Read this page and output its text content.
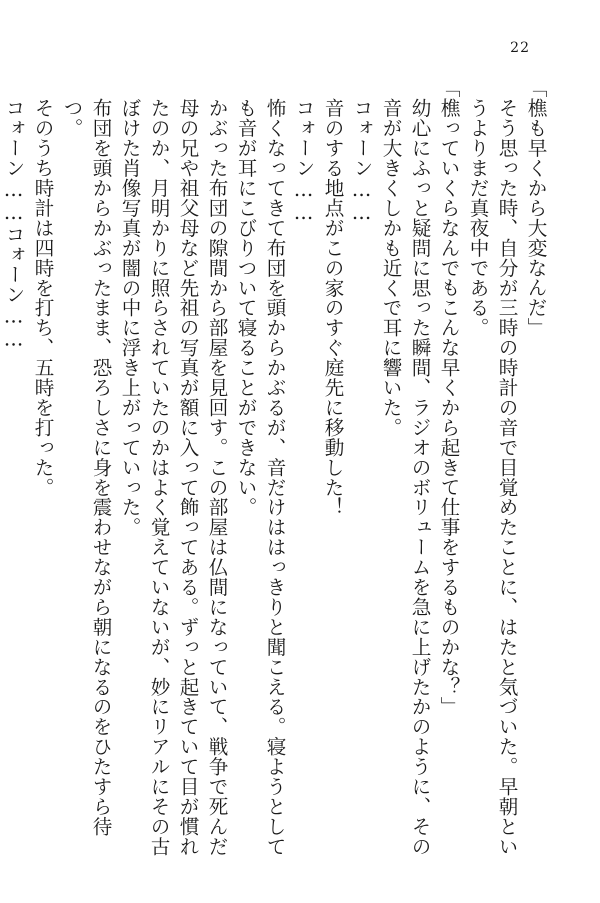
22

「樵も早くから大変なんだ」

そう思った時、自分が三時の時計の音で目覚めたことに、はたと気づいた。早朝というよりまだ真夜中である。

「樵っていくらなんでもこんな早くから起きて仕事をするものかな？」

幼心にふっと疑問に思った瞬間、ラジオのボリュームを急に上げたかのように、その音が大きくしかも近くで耳に響いた。

コォーン……

音のする地点がこの家のすぐ庭先に移動した！

コォーン……

怖くなってきて布団を頭からかぶるが、音だけははっきりと聞こえる。寝ようとしても音が耳にこびりついて寝ることができない。

かぶった布団の隙間から部屋を見回す。この部屋は仏間になっていて、戦争で死んだ母の兄や祖父母など先祖の写真が額に入って飾ってある。ずっと起きていて目が慣れたのか、月明かりに照らされていたのかはよく覚えていないが、妙にリアルにその古ぼけた肖像写真が闇の中に浮き上がっていった。

布団を頭からかぶったまま、恐ろしさに身を震わせながら朝になるのをひたすら待つ。

そのうち時計は四時を打ち、五時を打った。

コォーン……コォーン……
